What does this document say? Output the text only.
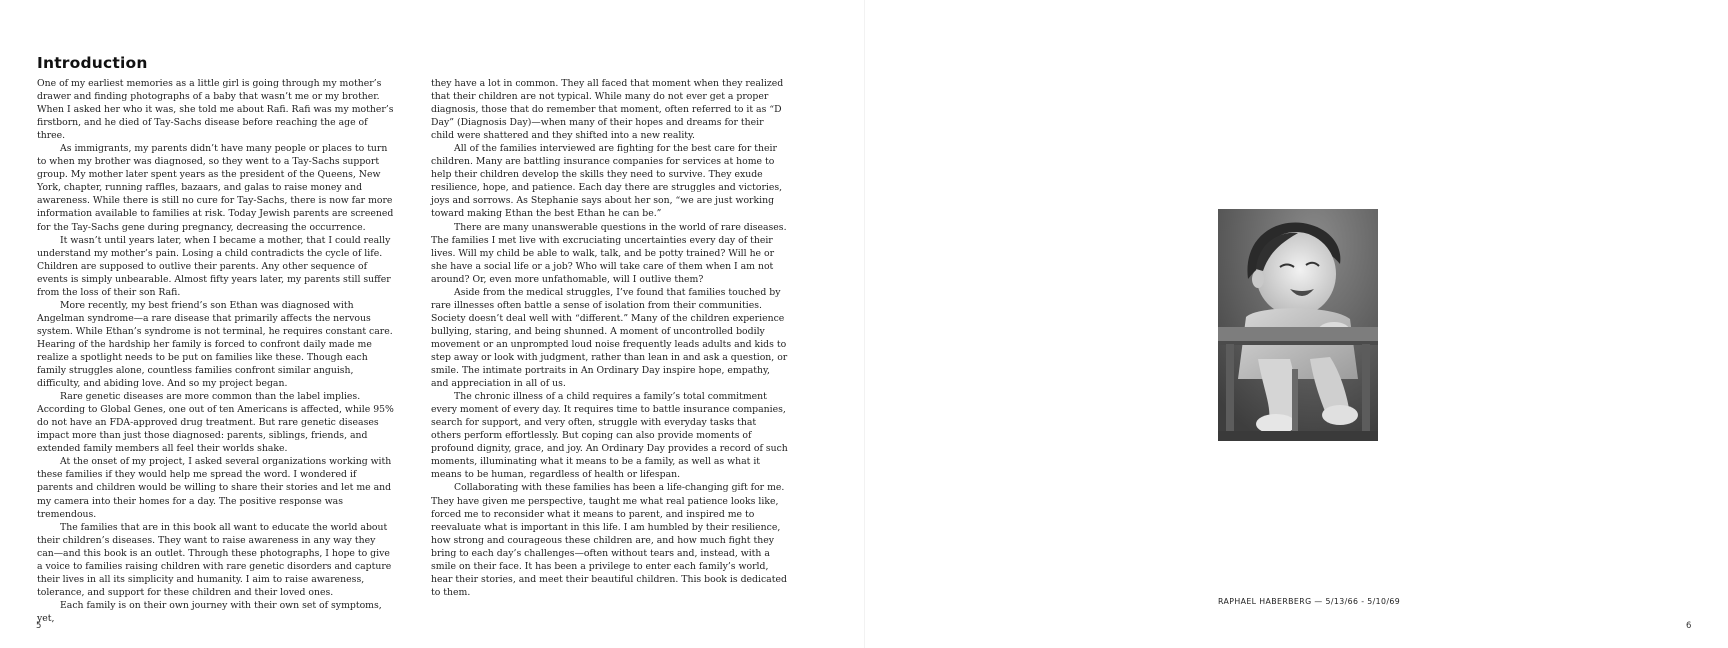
Introduction

One of my earliest memories as a little girl is going through my mother’s drawer and finding photographs of a baby that wasn’t me or my brother. When I asked her who it was, she told me about Rafi. Rafi was my mother’s firstborn, and he died of Tay-Sachs disease before reaching the age of three.

As immigrants, my parents didn’t have many people or places to turn to when my brother was diagnosed, so they went to a Tay-Sachs support group. My mother later spent years as the president of the Queens, New York, chapter, running raffles, bazaars, and galas to raise money and awareness. While there is still no cure for Tay-Sachs, there is now far more information available to families at risk. Today Jewish parents are screened for the Tay-Sachs gene during pregnancy, decreasing the occurrence.

It wasn’t until years later, when I became a mother, that I could really understand my mother’s pain. Losing a child contradicts the cycle of life. Children are supposed to outlive their parents. Any other sequence of events is simply unbearable. Almost fifty years later, my parents still suffer from the loss of their son Rafi.

More recently, my best friend’s son Ethan was diagnosed with Angelman syndrome—a rare disease that primarily affects the nervous system. While Ethan’s syndrome is not terminal, he requires constant care. Hearing of the hardship her family is forced to confront daily made me realize a spotlight needs to be put on families like these. Though each family struggles alone, countless families confront similar anguish, difficulty, and abiding love. And so my project began.

Rare genetic diseases are more common than the label implies. According to Global Genes, one out of ten Americans is affected, while 95% do not have an FDA-approved drug treatment. But rare genetic diseases impact more than just those diagnosed: parents, siblings, friends, and extended family members all feel their worlds shake.

At the onset of my project, I asked several organizations working with these families if they would help me spread the word. I wondered if parents and children would be willing to share their stories and let me and my camera into their homes for a day. The positive response was tremendous.

The families that are in this book all want to educate the world about their children’s diseases. They want to raise awareness in any way they can—and this book is an outlet. Through these photographs, I hope to give a voice to families raising children with rare genetic disorders and capture their lives in all its simplicity and humanity. I aim to raise awareness, tolerance, and support for these children and their loved ones.

Each family is on their own journey with their own set of symptoms, yet,

they have a lot in common. They all faced that moment when they realized that their children are not typical. While many do not ever get a proper diagnosis, those that do remember that moment, often referred to it as “D Day” (Diagnosis Day)—when many of their hopes and dreams for their child were shattered and they shifted into a new reality.

All of the families interviewed are fighting for the best care for their children. Many are battling insurance companies for services at home to help their children develop the skills they need to survive. They exude resilience, hope, and patience. Each day there are struggles and victories, joys and sorrows. As Stephanie says about her son, “we are just working toward making Ethan the best Ethan he can be.”

There are many unanswerable questions in the world of rare diseases. The families I met live with excruciating uncertainties every day of their lives. Will my child be able to walk, talk, and be potty trained? Will he or she have a social life or a job? Who will take care of them when I am not around? Or, even more unfathomable, will I outlive them?

Aside from the medical struggles, I’ve found that families touched by rare illnesses often battle a sense of isolation from their communities. Society doesn’t deal well with “different.” Many of the children experience bullying, staring, and being shunned. A moment of uncontrolled bodily movement or an unprompted loud noise frequently leads adults and kids to step away or look with judgment, rather than lean in and ask a question, or smile. The intimate portraits in An Ordinary Day inspire hope, empathy, and appreciation in all of us.

The chronic illness of a child requires a family’s total commitment every moment of every day. It requires time to battle insurance companies, search for support, and very often, struggle with everyday tasks that others perform effortlessly. But coping can also provide moments of profound dignity, grace, and joy. An Ordinary Day provides a record of such moments, illuminating what it means to be a family, as well as what it means to be human, regardless of health or lifespan.

Collaborating with these families has been a life-changing gift for me. They have given me perspective, taught me what real patience looks like, forced me to reconsider what it means to parent, and inspired me to reevaluate what is important in this life. I am humbled by their resilience, how strong and courageous these children are, and how much fight they bring to each day’s challenges—often without tears and, instead, with a smile on their face. It has been a privilege to enter each family’s world, hear their stories, and meet their beautiful children. This book is dedicated to them.

5
RAPHAEL HABERBERG — 5/13/66 - 5/10/69
6
